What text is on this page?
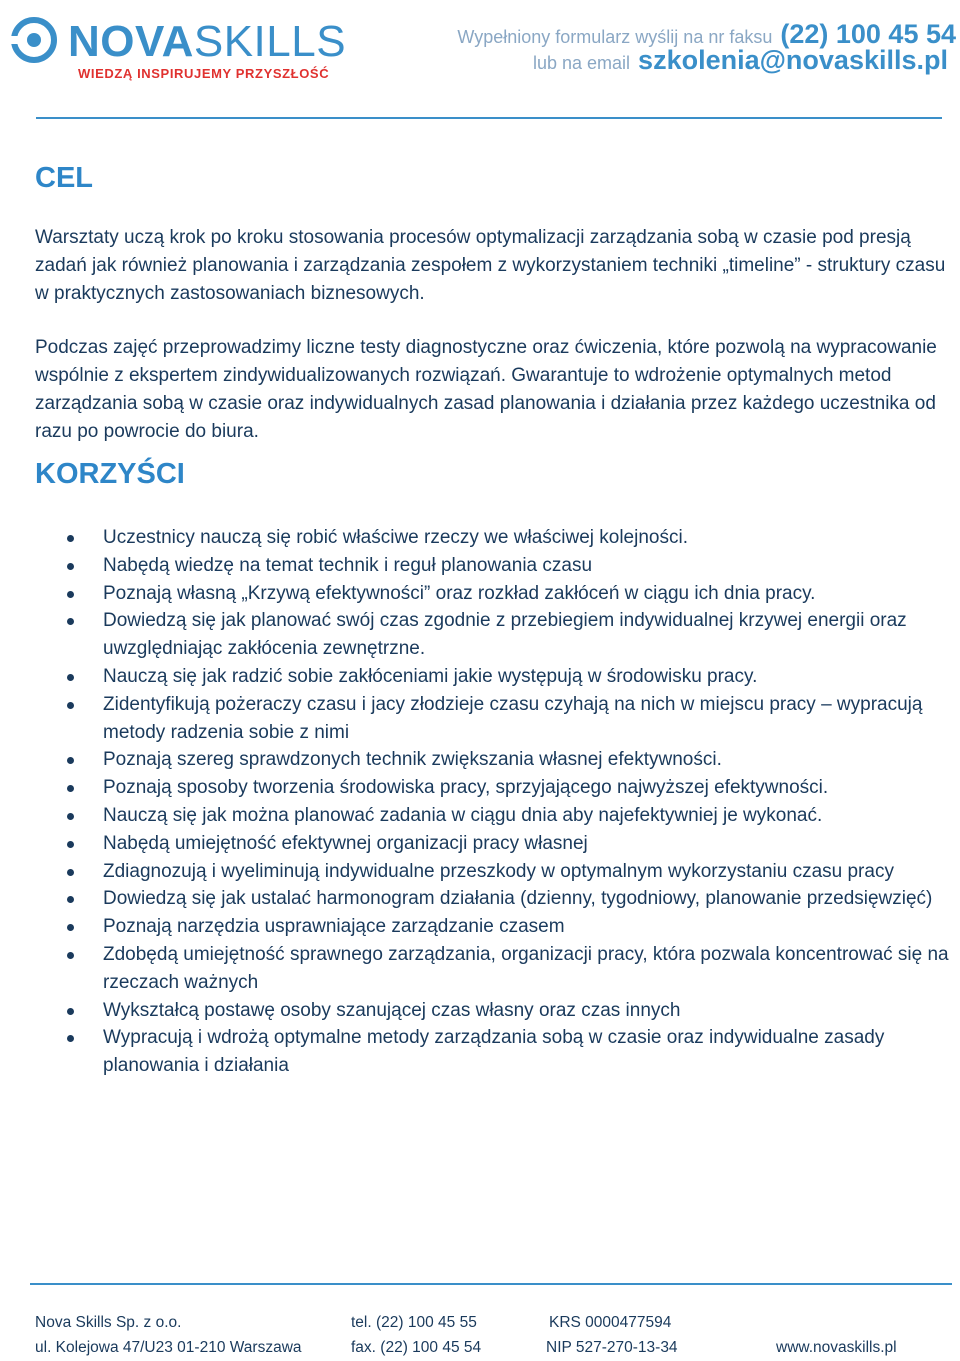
NOVASKILLS
WIEDZĄ INSPIRUJEMY PRZYSZŁOŚĆ
Wypełniony formularz wyślij na nr faksu (22) 100 45 54
lub na email szkolenia@novaskills.pl
CEL

Warsztaty uczą krok po kroku stosowania procesów optymalizacji zarządzania sobą w czasie pod presją zadań jak również planowania i zarządzania zespołem z wykorzystaniem techniki „timeline” - struktury czasu w praktycznych zastosowaniach biznesowych.

Podczas zajęć przeprowadzimy liczne testy diagnostyczne oraz ćwiczenia, które pozwolą na wypracowanie wspólnie z ekspertem zindywidualizowanych rozwiązań. Gwarantuje to wdrożenie optymalnych metod zarządzania sobą w czasie oraz indywidualnych zasad planowania i działania przez każdego uczestnika od razu po powrocie do biura.

KORZYŚCI
Uczestnicy nauczą się robić właściwe rzeczy we właściwej kolejności.
Nabędą wiedzę na temat technik i reguł planowania czasu
Poznają własną „Krzywą efektywności” oraz rozkład zakłóceń w ciągu ich dnia pracy.
Dowiedzą się jak planować swój czas zgodnie z przebiegiem indywidualnej krzywej energii oraz uwzględniając zakłócenia zewnętrzne.
Nauczą się jak radzić sobie zakłóceniami jakie występują w środowisku pracy.
Zidentyfikują pożeraczy czasu i jacy złodzieje czasu czyhają na nich w miejscu pracy – wypracują metody radzenia sobie z nimi
Poznają szereg sprawdzonych technik zwiększania własnej efektywności.
Poznają sposoby tworzenia środowiska pracy, sprzyjającego najwyższej efektywności.
Nauczą się jak można planować zadania w ciągu dnia aby najefektywniej je wykonać.
Nabędą umiejętność efektywnej organizacji pracy własnej
Zdiagnozują i wyeliminują indywidualne przeszkody w optymalnym wykorzystaniu czasu pracy
Dowiedzą się jak ustalać harmonogram działania (dzienny, tygodniowy, planowanie przedsięwzięć)
Poznają narzędzia usprawniające zarządzanie czasem
Zdobędą umiejętność sprawnego zarządzania, organizacji pracy, która pozwala koncentrować się na rzeczach ważnych
Wykształcą postawę osoby szanującej czas własny oraz czas innych
Wypracują i wdrożą optymalne metody zarządzania sobą w czasie oraz indywidualne zasady planowania i działania
Nova Skills Sp. z o.o.
ul. Kolejowa 47/U23 01-210 Warszawa
tel. (22) 100 45 55
fax. (22) 100 45 54
KRS 0000477594
NIP 527-270-13-34	www.novaskills.pl
